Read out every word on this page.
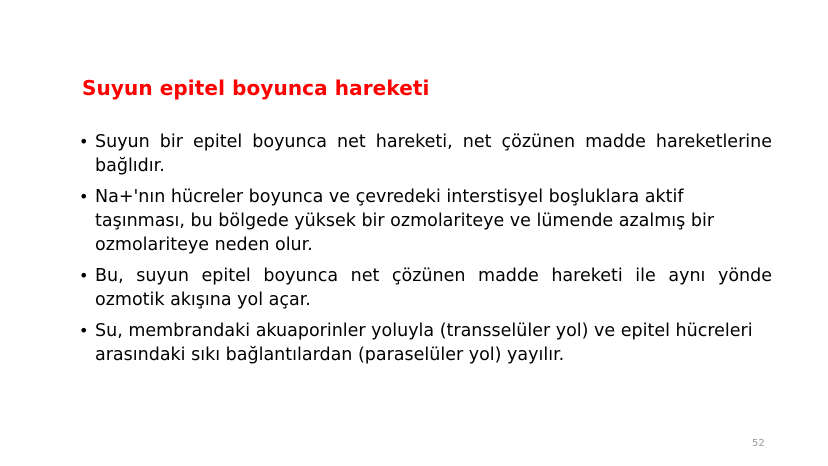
Suyun epitel boyunca hareketi
• Suyun bir epitel boyunca net hareketi, net çözünen madde hareketlerine bağlıdır.
• Na+'nın hücreler boyunca ve çevredeki interstisyel boşluklara aktif taşınması, bu bölgede yüksek bir ozmolariteye ve lümende azalmış bir ozmolariteye neden olur.
• Bu, suyun epitel boyunca net çözünen madde hareketi ile aynı yönde ozmotik akışına yol açar.
• Su, membrandaki akuaporinler yoluyla (transselüler yol) ve epitel hücreleri arasındaki sıkı bağlantılardan (paraselüler yol) yayılır.
52
